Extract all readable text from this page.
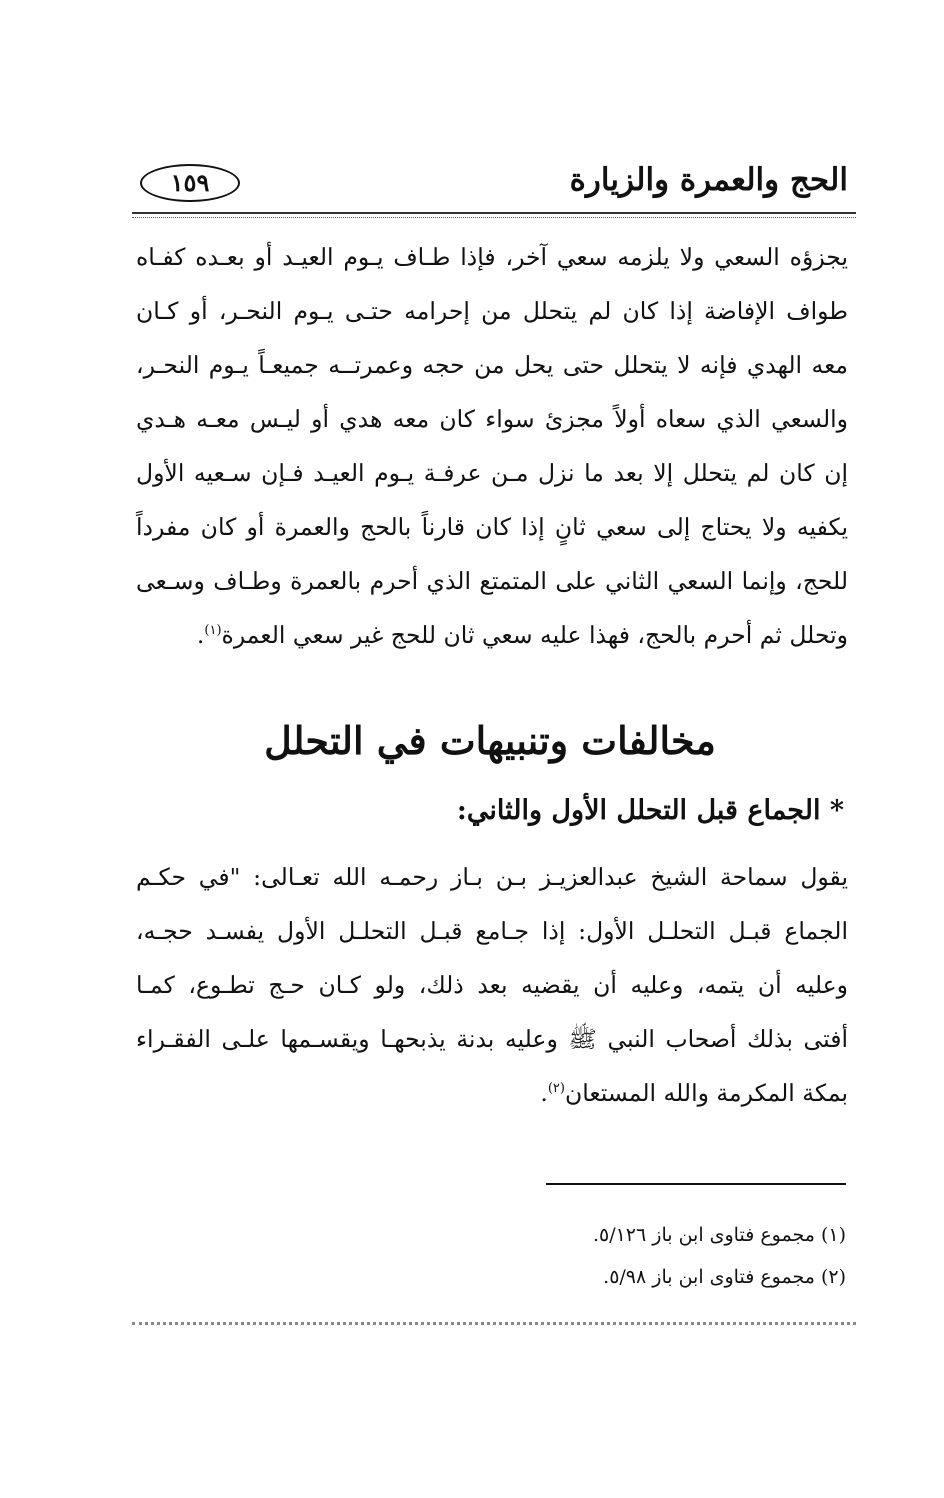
الحج والعمرة والزيارة
١٥٩

يجزؤه السعي ولا يلزمه سعي آخر، فإذا طـاف يـوم العيـد أو بعـده كفـاه

طواف الإفاضة إذا كان لم يتحلل من إحرامه حتـى يـوم النحـر، أو كـان

معه الهدي فإنه لا يتحلل حتى يحل من حجه وعمرتــه جميعـاً يـوم النحـر،

والسعي الذي سعاه أولاً مجزئ سواء كان معه هدي أو ليـس معـه هـدي

إن كان لم يتحلل إلا بعد ما نزل مـن عرفـة يـوم العيـد فـإن سـعيه الأول

يكفيه ولا يحتاج إلى سعي ثانٍ إذا كان قارناً بالحج والعمرة أو كان مفرداً

للحج، وإنما السعي الثاني على المتمتع الذي أحرم بالعمرة وطـاف وسـعى

وتحلل ثم أحرم بالحج، فهذا عليه سعي ثان للحج غير سعي العمرة$^{(١)}$.

مخالفات وتنبيهات في التحلل
* الجماع قبل التحلل الأول والثاني:

يقول سماحة الشيخ عبدالعزيـز بـن بـاز رحمـه الله تعـالى: "في حكـم

الجماع قبـل التحلـل الأول: إذا جـامع قبـل التحلـل الأول يفسـد حجـه،

وعليه أن يتمه، وعليه أن يقضيه بعد ذلك، ولو كـان حـج تطـوع، كمـا

أفتى بذلك أصحاب النبي ﷺ وعليه بدنة يذبحهـا ويقسـمها علـى الفقـراء

بمكة المكرمة والله المستعان$^{(٢)}$.

(١) مجموع فتاوى ابن باز ٥/١٢٦.
(٢) مجموع فتاوى ابن باز ٥/٩٨.
